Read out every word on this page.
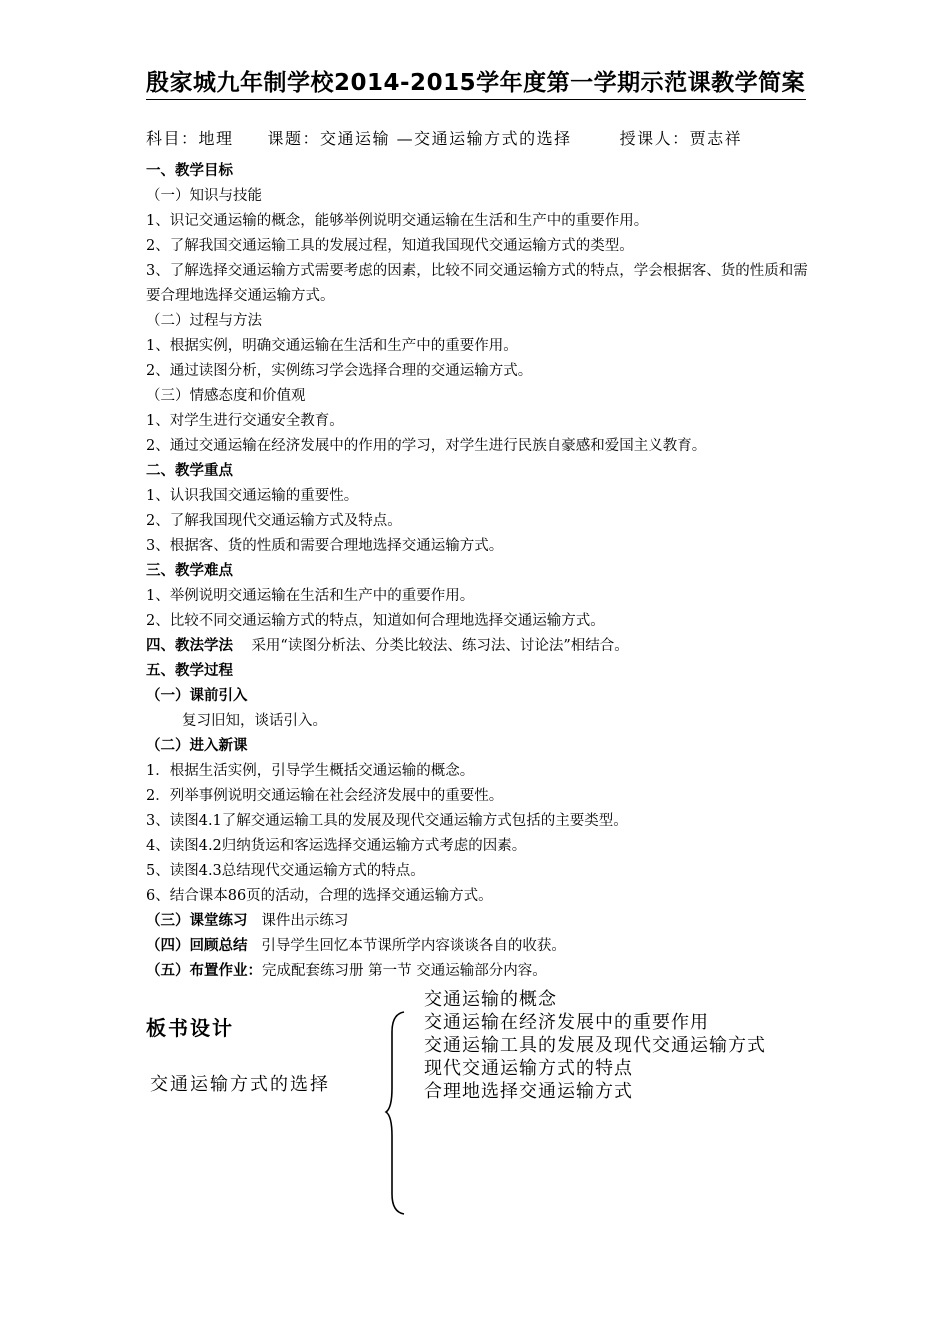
殷家城九年制学校2014-2015学年度第一学期示范课教学简案
科目：地理 课题：交通运输 —交通运输方式的选择	授课人：贾志祥
一、教学目标
（一）知识与技能
1、识记交通运输的概念，能够举例说明交通运输在生活和生产中的重要作用。
2、了解我国交通运输工具的发展过程，知道我国现代交通运输方式的类型。
3、了解选择交通运输方式需要考虑的因素，比较不同交通运输方式的特点，学会根据客、货的性质和需要合理地选择交通运输方式。
（二）过程与方法
1、根据实例，明确交通运输在生活和生产中的重要作用。
2、通过读图分析，实例练习学会选择合理的交通运输方式。
（三）情感态度和价值观
1、对学生进行交通安全教育。
2、通过交通运输在经济发展中的作用的学习，对学生进行民族自豪感和爱国主义教育。
二、教学重点
1、认识我国交通运输的重要性。
2、了解我国现代交通运输方式及特点。
3、根据客、货的性质和需要合理地选择交通运输方式。
三、教学难点
1、举例说明交通运输在生活和生产中的重要作用。
2、比较不同交通运输方式的特点，知道如何合理地选择交通运输方式。
四、教法学法 采用“读图分析法、分类比较法、练习法、讨论法”相结合。
五、教学过程
（一）课前引入
复习旧知，谈话引入。
（二）进入新课
1．根据生活实例，引导学生概括交通运输的概念。
2．列举事例说明交通运输在社会经济发展中的重要性。
3、读图4.1了解交通运输工具的发展及现代交通运输方式包括的主要类型。
4、读图4.2归纳货运和客运选择交通运输方式考虑的因素。
5、读图4.3总结现代交通运输方式的特点。
6、结合课本86页的活动，合理的选择交通运输方式。
（三）课堂练习 课件出示练习
（四）回顾总结 引导学生回忆本节课所学内容谈谈各自的收获。
（五）布置作业：完成配套练习册 第一节 交通运输部分内容。
板书设计
交通运输方式的选择
交通运输的概念
交通运输在经济发展中的重要作用
交通运输工具的发展及现代交通运输方式
现代交通运输方式的特点
合理地选择交通运输方式
